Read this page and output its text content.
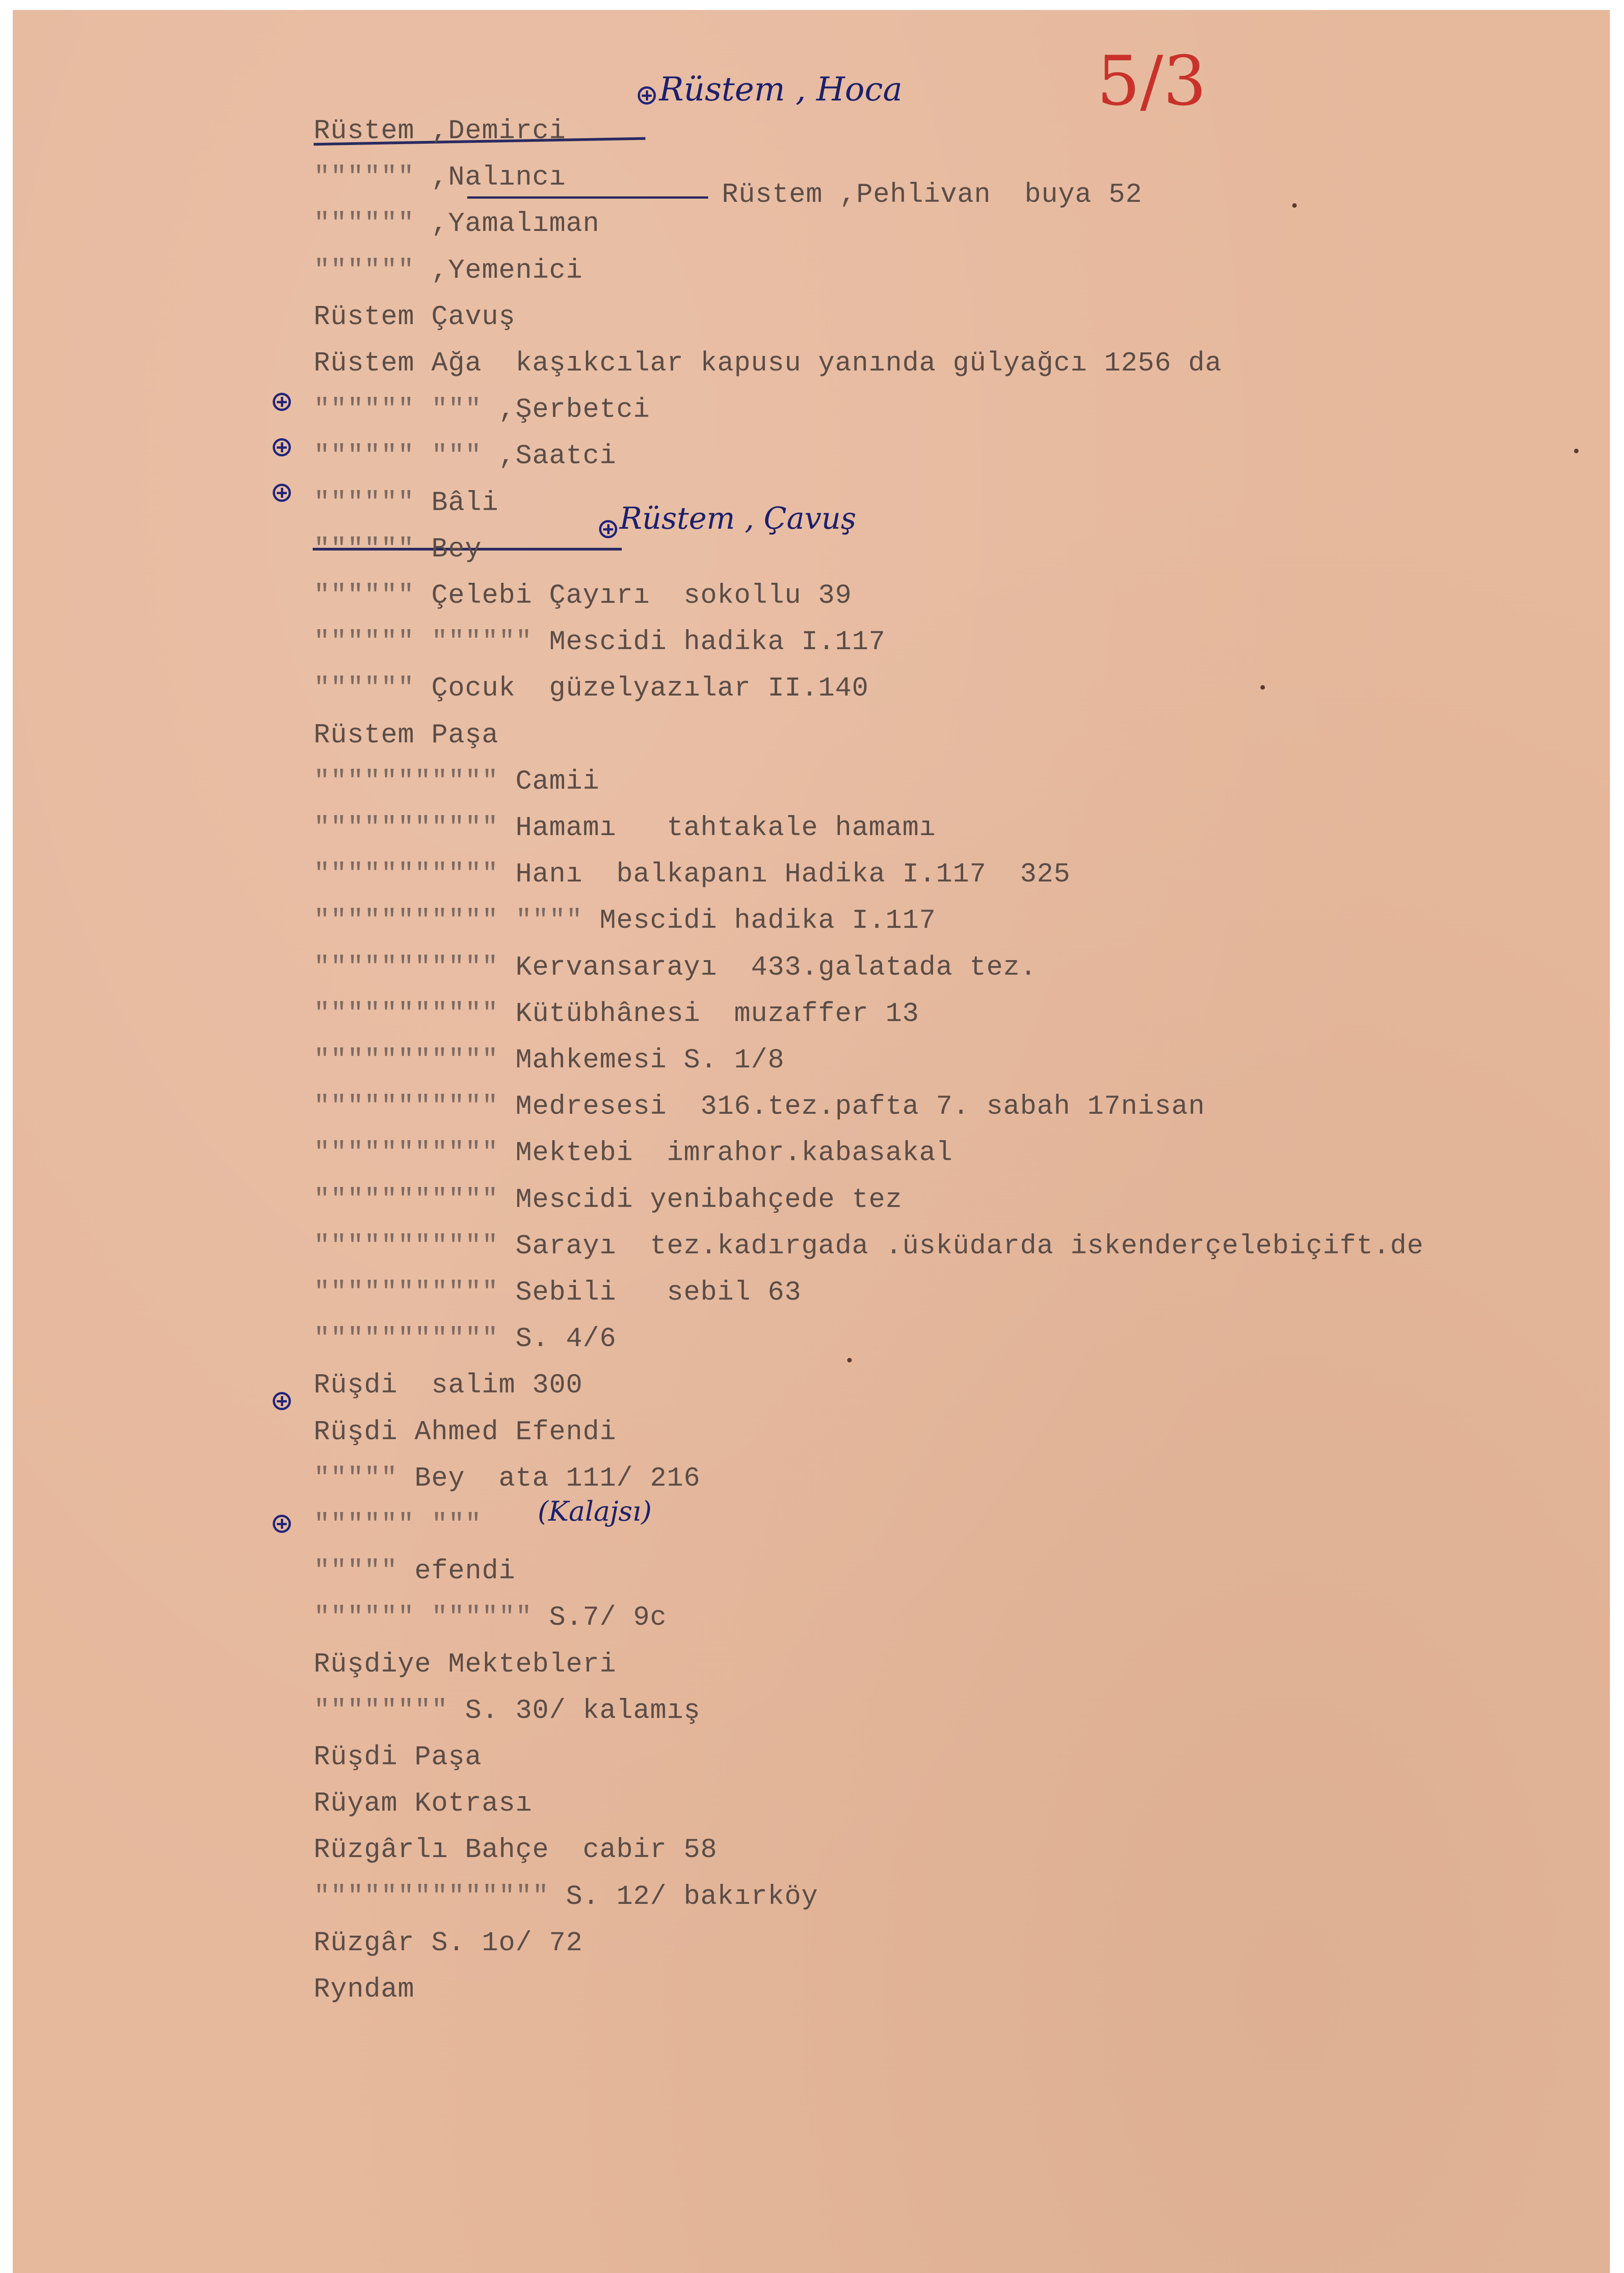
5/3
Rüstem , Hoca
Rüstem , Çavuş
(Kalajsı)
Rüstem ,Pehlivan  buya 52
Rüstem ,Demirci
"""""" ,Nalıncı
"""""" ,Yamalıman
"""""" ,Yemenici
Rüstem Çavuş
Rüstem Ağa  kaşıkcılar kapusu yanında gülyağcı 1256 da
"""""" """ ,Şerbetci
"""""" """ ,Saatci
"""""" Bâli
"""""" Bey
"""""" Çelebi Çayırı  sokollu 39
"""""" """""" Mescidi hadika I.117
"""""" Çocuk  güzelyazılar II.140
Rüstem Paşa
""""""""""" Camii
""""""""""" Hamamı   tahtakale hamamı
""""""""""" Hanı  balkapanı Hadika I.117  325
""""""""""" """" Mescidi hadika I.117
""""""""""" Kervansarayı  433.galatada tez.
""""""""""" Kütübhânesi  muzaffer 13
""""""""""" Mahkemesi S. 1/8
""""""""""" Medresesi  316.tez.pafta 7. sabah 17nisan
""""""""""" Mektebi  imrahor.kabasakal
""""""""""" Mescidi yenibahçede tez
""""""""""" Sarayı  tez.kadırgada .üsküdarda iskenderçelebiçift.de
""""""""""" Sebili   sebil 63
""""""""""" S. 4/6
Rüşdi  salim 300
Rüşdi Ahmed Efendi
""""" Bey  ata 111/ 216
"""""" """
""""" efendi
"""""" """""" S.7/ 9c
Rüşdiye Mektebleri
"""""""" S. 30/ kalamış
Rüşdi Paşa
Rüyam Kotrası
Rüzgârlı Bahçe  cabir 58
"""""""""""""" S. 12/ bakırköy
Rüzgâr S. 1o/ 72
Ryndam
